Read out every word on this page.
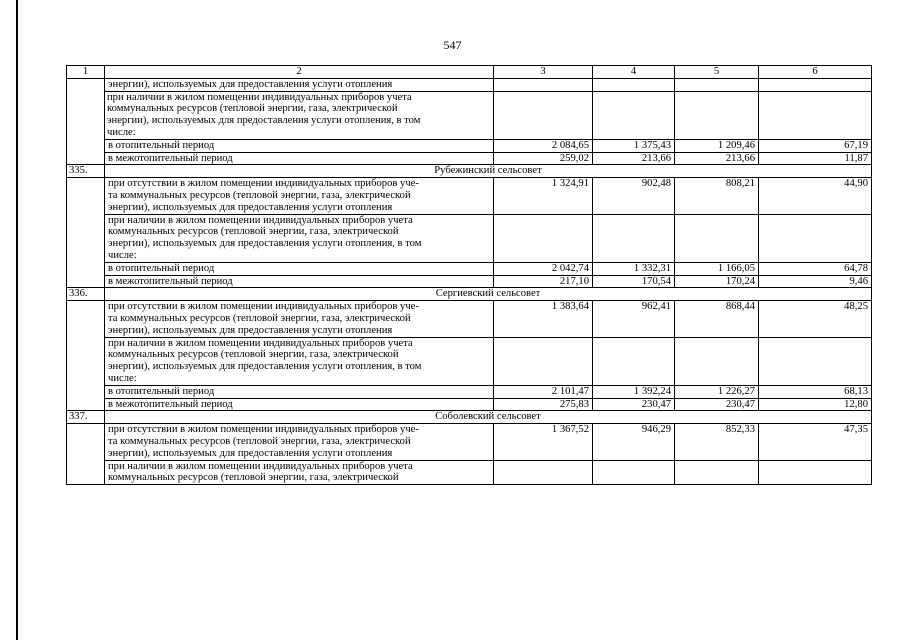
547
1	2	3	4	5	6
	энергии), используемых для предоставления услуги отопления				

	при наличии в жилом помещении индивидуальных приборов учета
коммунальных ресурсов (тепловой энергии, газа, электрической
энергии), используемых для предоставления услуги отопления, в том
числе:				

	в отопительный период	2 084,65	1 375,43	1 209,46	67,19
	в межотопительный период	259,02	213,66	213,66	11,87
335.	Рубежинский сельсовет				

	при отсутствии в жилом помещении индивидуальных приборов уче-
та коммунальных ресурсов (тепловой энергии, газа, электрической
энергии), используемых для предоставления услуги отопления	1 324,91	902,48	808,21	44,90

	при наличии в жилом помещении индивидуальных приборов учета
коммунальных ресурсов (тепловой энергии, газа, электрической
энергии), используемых для предоставления услуги отопления, в том
числе:				

	в отопительный период	2 042,74	1 332,31	1 166,05	64,78
	в межотопительный период	217,10	170,54	170,24	9,46
336.	Сергиевский сельсовет				

	при отсутствии в жилом помещении индивидуальных приборов уче-
та коммунальных ресурсов (тепловой энергии, газа, электрической
энергии), используемых для предоставления услуги отопления	1 383,64	962,41	868,44	48,25

	при наличии в жилом помещении индивидуальных приборов учета
коммунальных ресурсов (тепловой энергии, газа, электрической
энергии), используемых для предоставления услуги отопления, в том
числе:				

	в отопительный период	2 101,47	1 392,24	1 226,27	68,13
	в межотопительный период	275,83	230,47	230,47	12,80
337.	Соболевский сельсовет				

	при отсутствии в жилом помещении индивидуальных приборов уче-
та коммунальных ресурсов (тепловой энергии, газа, электрической
энергии), используемых для предоставления услуги отопления	1 367,52	946,29	852,33	47,35

	при наличии в жилом помещении индивидуальных приборов учета
коммунальных ресурсов (тепловой энергии, газа, электрической				
